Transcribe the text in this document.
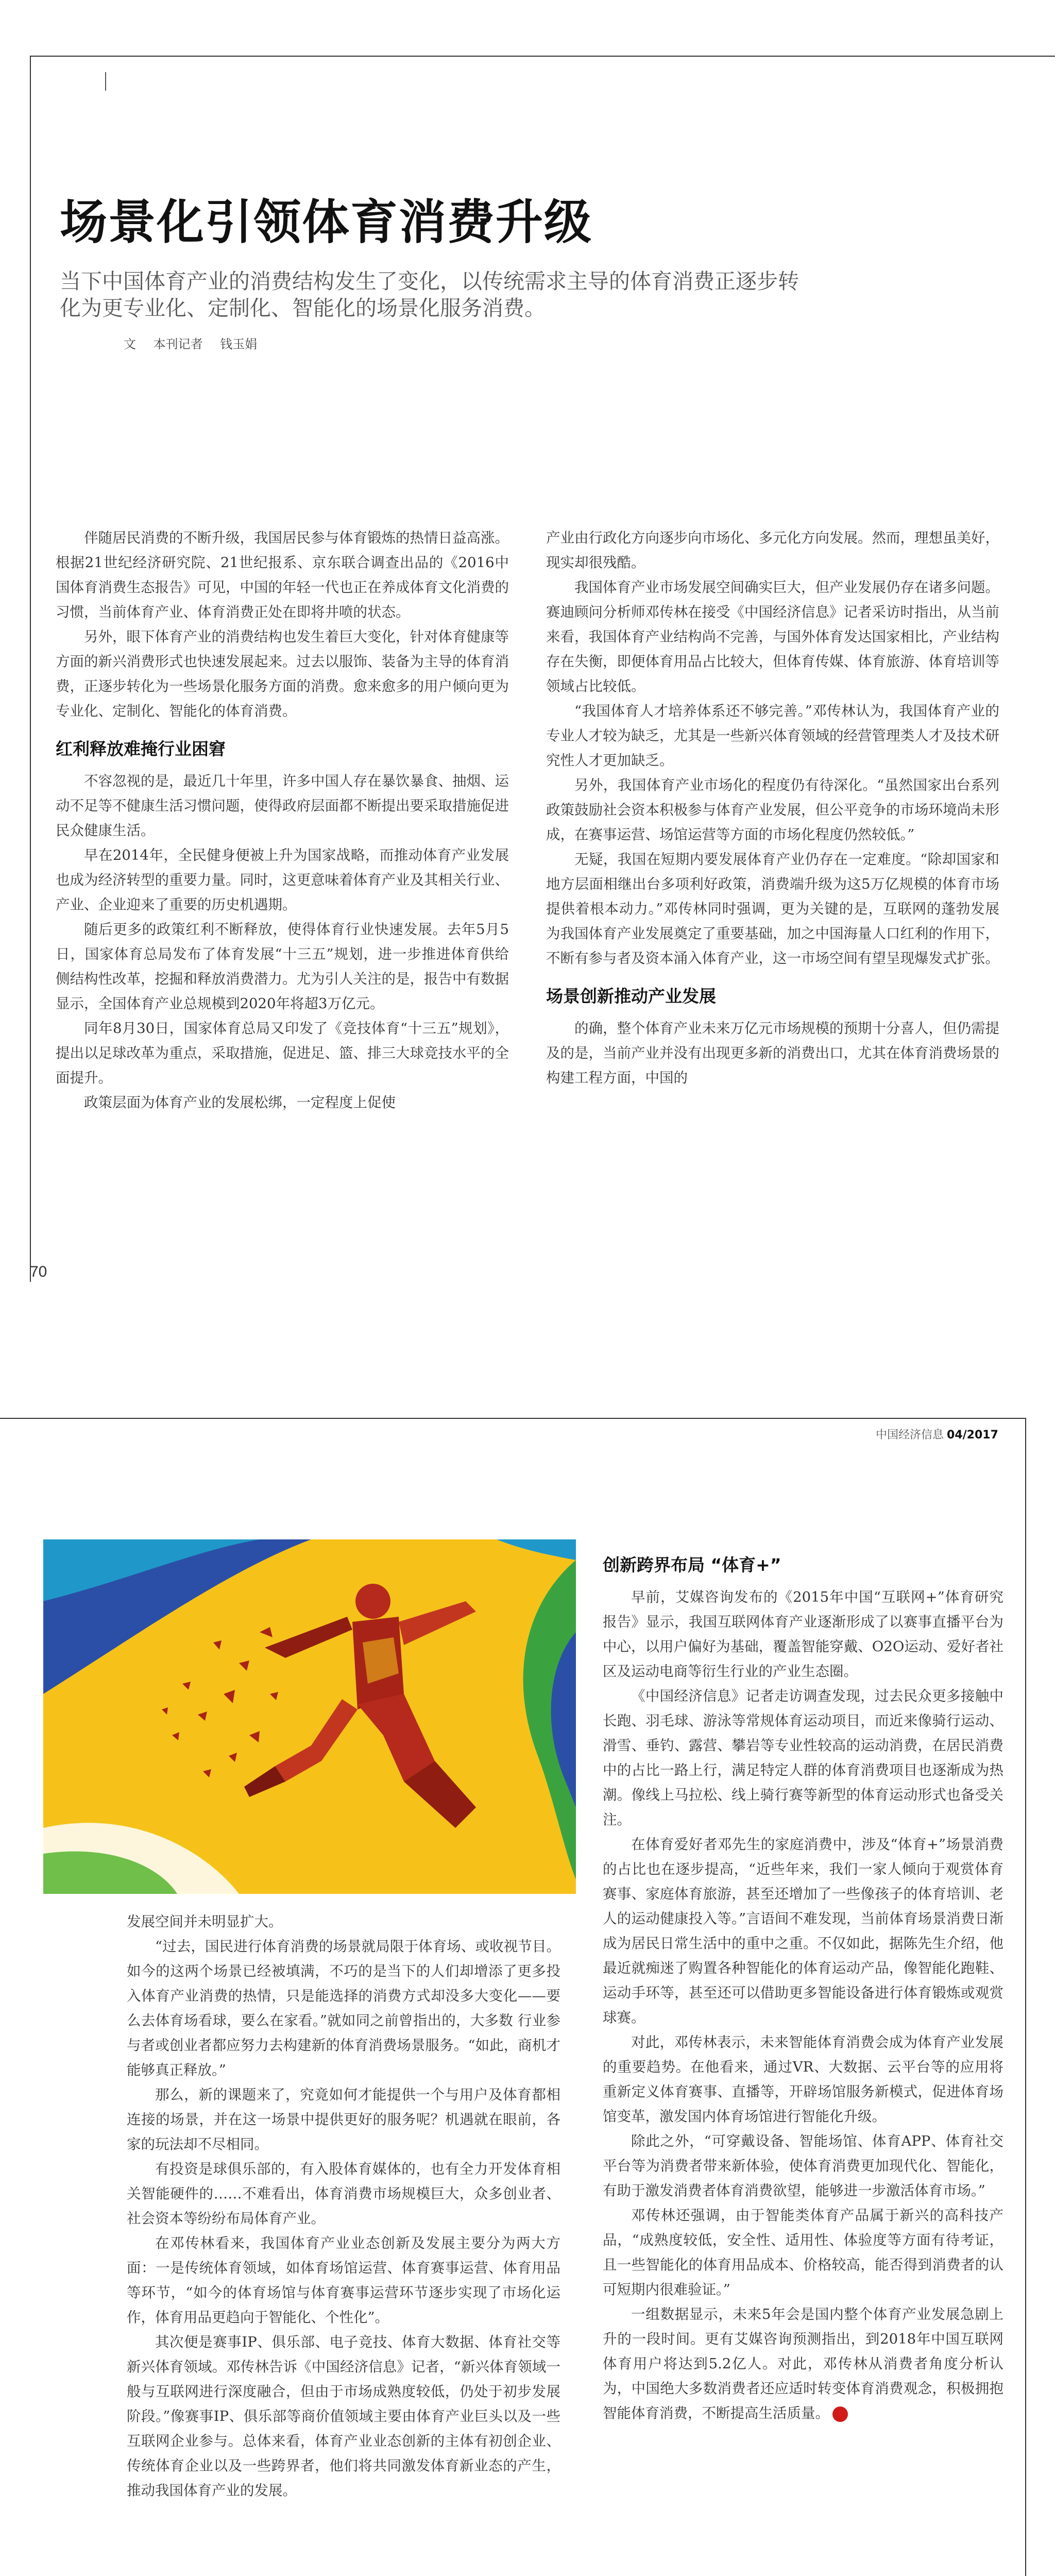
场景化引领体育消费升级
当下中国体育产业的消费结构发生了变化，以传统需求主导的体育消费正逐步转化为更专业化、定制化、智能化的场景化服务消费。
文 本刊记者 钱玉娟

伴随居民消费的不断升级，我国居民参与体育锻炼的热情日益高涨。根据21世纪经济研究院、21世纪报系、京东联合调查出品的《2016中国体育消费生态报告》可见，中国的年轻一代也正在养成体育文化消费的习惯，当前体育产业、体育消费正处在即将井喷的状态。

另外，眼下体育产业的消费结构也发生着巨大变化，针对体育健康等方面的新兴消费形式也快速发展起来。过去以服饰、装备为主导的体育消费，正逐步转化为一些场景化服务方面的消费。愈来愈多的用户倾向更为专业化、定制化、智能化的体育消费。

红利释放难掩行业困窘

不容忽视的是，最近几十年里，许多中国人存在暴饮暴食、抽烟、运动不足等不健康生活习惯问题，使得政府层面都不断提出要采取措施促进民众健康生活。

早在2014年，全民健身便被上升为国家战略，而推动体育产业发展也成为经济转型的重要力量。同时，这更意味着体育产业及其相关行业、产业、企业迎来了重要的历史机遇期。

随后更多的政策红利不断释放，使得体育行业快速发展。去年5月5日，国家体育总局发布了体育发展“十三五”规划，进一步推进体育供给侧结构性改革，挖掘和释放消费潜力。尤为引人关注的是，报告中有数据显示，全国体育产业总规模到2020年将超3万亿元。

同年8月30日，国家体育总局又印发了《竞技体育“十三五”规划》，提出以足球改革为重点，采取措施，促进足、篮、排三大球竞技水平的全面提升。

政策层面为体育产业的发展松绑，一定程度上促使

产业由行政化方向逐步向市场化、多元化方向发展。然而，理想虽美好，现实却很残酷。

我国体育产业市场发展空间确实巨大，但产业发展仍存在诸多问题。赛迪顾问分析师邓传林在接受《中国经济信息》记者采访时指出，从当前来看，我国体育产业结构尚不完善，与国外体育发达国家相比，产业结构存在失衡，即便体育用品占比较大，但体育传媒、体育旅游、体育培训等领域占比较低。

“我国体育人才培养体系还不够完善。”邓传林认为，我国体育产业的专业人才较为缺乏，尤其是一些新兴体育领域的经营管理类人才及技术研究性人才更加缺乏。

另外，我国体育产业市场化的程度仍有待深化。“虽然国家出台系列政策鼓励社会资本积极参与体育产业发展，但公平竞争的市场环境尚未形成，在赛事运营、场馆运营等方面的市场化程度仍然较低。”

无疑，我国在短期内要发展体育产业仍存在一定难度。“除却国家和地方层面相继出台多项利好政策，消费端升级为这5万亿规模的体育市场提供着根本动力。”邓传林同时强调，更为关键的是，互联网的蓬勃发展为我国体育产业发展奠定了重要基础，加之中国海量人口红利的作用下，不断有参与者及资本涌入体育产业，这一市场空间有望呈现爆发式扩张。

场景创新推动产业发展

的确，整个体育产业未来万亿元市场规模的预期十分喜人，但仍需提及的是，当前产业并没有出现更多新的消费出口，尤其在体育消费场景的构建工程方面，中国的

70
中国经济信息 04/2017

发展空间并未明显扩大。

“过去，国民进行体育消费的场景就局限于体育场、或收视节目。如今的这两个场景已经被填满，不巧的是当下的人们却增添了更多投入体育产业消费的热情，只是能选择的消费方式却没多大变化——要么去体育场看球，要么在家看。”就如同之前曾指出的，大多数 行业参与者或创业者都应努力去构建新的体育消费场景服务。“如此，商机才能够真正释放。”

那么，新的课题来了，究竟如何才能提供一个与用户及体育都相连接的场景，并在这一场景中提供更好的服务呢？机遇就在眼前，各家的玩法却不尽相同。

有投资是球俱乐部的，有入股体育媒体的，也有全力开发体育相关智能硬件的……不难看出，体育消费市场规模巨大，众多创业者、社会资本等纷纷布局体育产业。

在邓传林看来，我国体育产业业态创新及发展主要分为两大方面：一是传统体育领域，如体育场馆运营、体育赛事运营、体育用品等环节，“如今的体育场馆与体育赛事运营环节逐步实现了市场化运作，体育用品更趋向于智能化、个性化”。

其次便是赛事IP、俱乐部、电子竞技、体育大数据、体育社交等新兴体育领域。邓传林告诉《中国经济信息》记者，“新兴体育领域一般与互联网进行深度融合，但由于市场成熟度较低，仍处于初步发展阶段。”像赛事IP、俱乐部等商价值领域主要由体育产业巨头以及一些互联网企业参与。总体来看，体育产业业态创新的主体有初创企业、传统体育企业以及一些跨界者，他们将共同激发体育新业态的产生，推动我国体育产业的发展。

创新跨界布局 “体育+”

早前，艾媒咨询发布的《2015年中国“互联网+”体育研究报告》显示，我国互联网体育产业逐渐形成了以赛事直播平台为中心，以用户偏好为基础，覆盖智能穿戴、O2O运动、爱好者社区及运动电商等衍生行业的产业生态圈。

《中国经济信息》记者走访调查发现，过去民众更多接触中长跑、羽毛球、游泳等常规体育运动项目，而近来像骑行运动、滑雪、垂钓、露营、攀岩等专业性较高的运动消费，在居民消费中的占比一路上行，满足特定人群的体育消费项目也逐渐成为热潮。像线上马拉松、线上骑行赛等新型的体育运动形式也备受关注。

在体育爱好者邓先生的家庭消费中，涉及“体育+”场景消费的占比也在逐步提高，“近些年来，我们一家人倾向于观赏体育赛事、家庭体育旅游，甚至还增加了一些像孩子的体育培训、老人的运动健康投入等。”言语间不难发现，当前体育场景消费日渐成为居民日常生活中的重中之重。不仅如此，据陈先生介绍，他最近就痴迷了购置各种智能化的体育运动产品，像智能化跑鞋、运动手环等，甚至还可以借助更多智能设备进行体育锻炼或观赏球赛。

对此，邓传林表示，未来智能体育消费会成为体育产业发展的重要趋势。在他看来，通过VR、大数据、云平台等的应用将重新定义体育赛事、直播等，开辟场馆服务新模式，促进体育场馆变革，激发国内体育场馆进行智能化升级。

除此之外，“可穿戴设备、智能场馆、体育APP、体育社交平台等为消费者带来新体验，使体育消费更加现代化、智能化，有助于激发消费者体育消费欲望，能够进一步激活体育市场。”

邓传林还强调，由于智能类体育产品属于新兴的高科技产品，“成熟度较低，安全性、适用性、体验度等方面有待考证，且一些智能化的体育用品成本、价格较高，能否得到消费者的认可短期内很难验证。”

一组数据显示，未来5年会是国内整个体育产业发展急剧上升的一段时间。更有艾媒咨询预测指出，到2018年中国互联网体育用户将达到5.2亿人。对此，邓传林从消费者角度分析认为，中国绝大多数消费者还应适时转变体育消费观念，积极拥抱智能体育消费，不断提高生活质量。
